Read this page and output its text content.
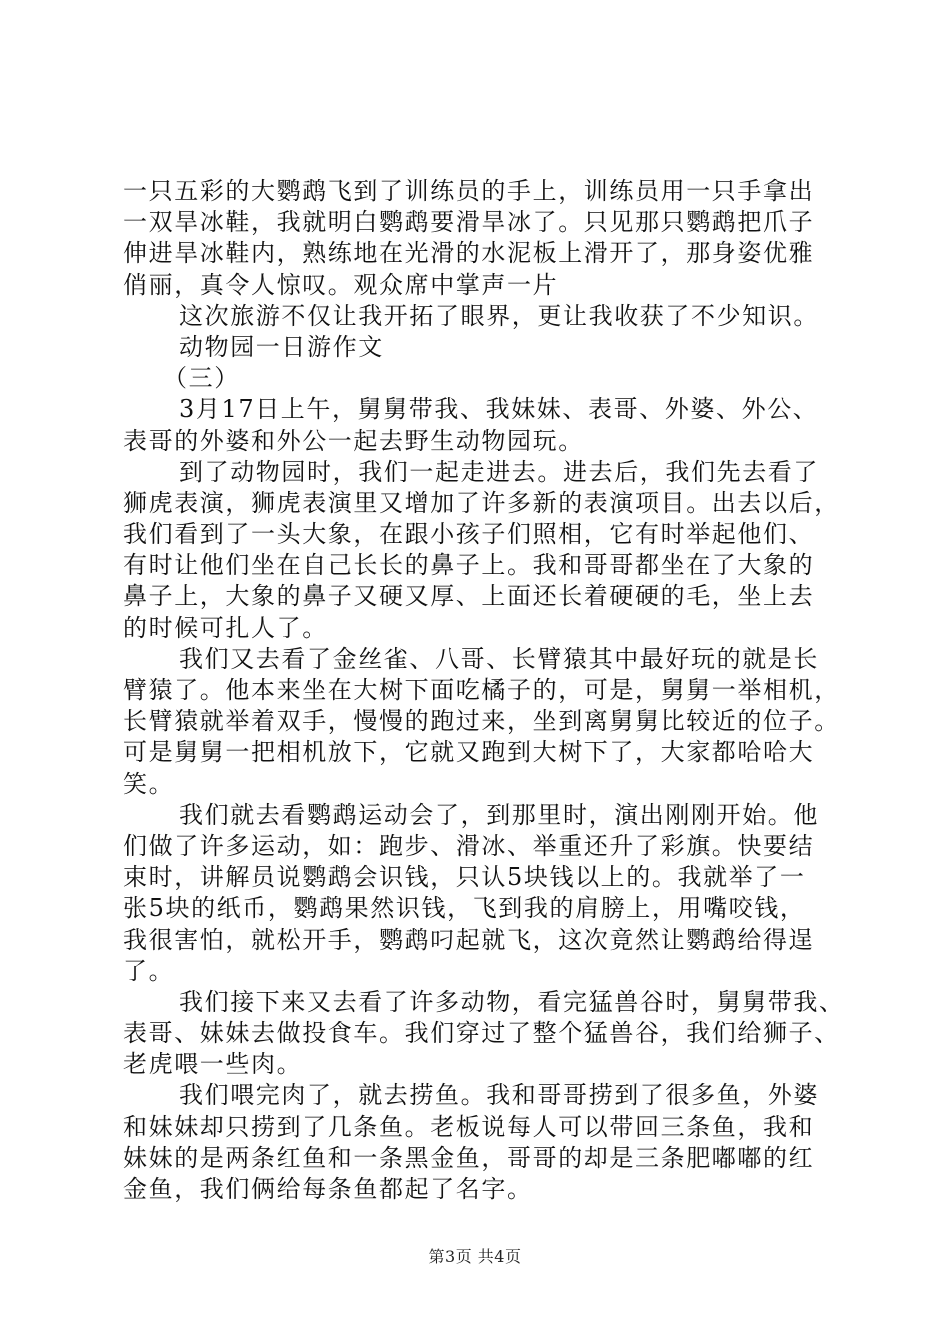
一只五彩的大鹦鹉飞到了训练员的手上，训练员用一只手拿出
一双旱冰鞋，我就明白鹦鹉要滑旱冰了。只见那只鹦鹉把爪子
伸进旱冰鞋内，熟练地在光滑的水泥板上滑开了，那身姿优雅
俏丽，真令人惊叹。观众席中掌声一片
这次旅游不仅让我开拓了眼界，更让我收获了不少知识。
动物园一日游作文
（三）
3月17日上午，舅舅带我、我妹妹、表哥、外婆、外公、
表哥的外婆和外公一起去野生动物园玩。
到了动物园时，我们一起走进去。进去后，我们先去看了
狮虎表演，狮虎表演里又增加了许多新的表演项目。出去以后，
我们看到了一头大象，在跟小孩子们照相，它有时举起他们、
有时让他们坐在自己长长的鼻子上。我和哥哥都坐在了大象的
鼻子上，大象的鼻子又硬又厚、上面还长着硬硬的毛，坐上去
的时候可扎人了。
我们又去看了金丝雀、八哥、长臂猿其中最好玩的就是长
臂猿了。他本来坐在大树下面吃橘子的，可是，舅舅一举相机，
长臂猿就举着双手，慢慢的跑过来，坐到离舅舅比较近的位子。
可是舅舅一把相机放下，它就又跑到大树下了，大家都哈哈大
笑。
我们就去看鹦鹉运动会了，到那里时，演出刚刚开始。他
们做了许多运动，如：跑步、滑冰、举重还升了彩旗。快要结
束时，讲解员说鹦鹉会识钱，只认5块钱以上的。我就举了一
张5块的纸币，鹦鹉果然识钱，飞到我的肩膀上，用嘴咬钱，
我很害怕，就松开手，鹦鹉叼起就飞，这次竟然让鹦鹉给得逞
了。
我们接下来又去看了许多动物，看完猛兽谷时，舅舅带我、
表哥、妹妹去做投食车。我们穿过了整个猛兽谷，我们给狮子、
老虎喂一些肉。
我们喂完肉了，就去捞鱼。我和哥哥捞到了很多鱼，外婆
和妹妹却只捞到了几条鱼。老板说每人可以带回三条鱼，我和
妹妹的是两条红鱼和一条黑金鱼，哥哥的却是三条肥嘟嘟的红
金鱼，我们俩给每条鱼都起了名字。
第3页 共4页
